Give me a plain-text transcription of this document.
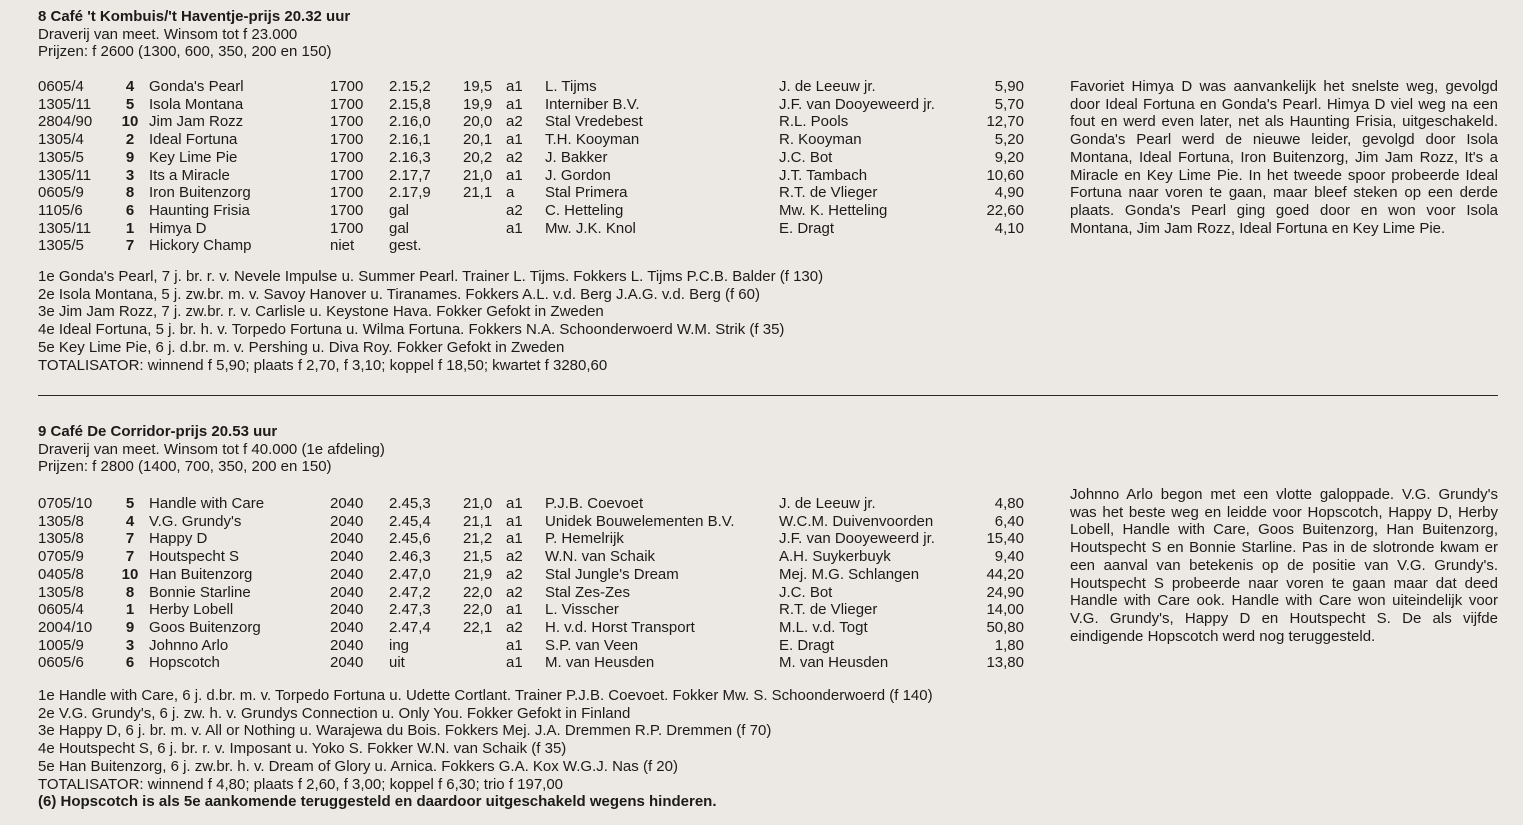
8 Café 't Kombuis/'t Haventje-prijs 20.32 uur
Draverij van meet. Winsom tot f 23.000
Prijzen: f 2600 (1300, 600, 350, 200 en 150)
0605/4	4 Gonda's Pearl	1700 2.15,2 19,5 a1 L. Tijms	J. de Leeuw jr.	5,90
1305/11	5 Isola Montana	1700 2.15,8 19,9 a1 Interniber B.V.	J.F. van Dooyeweerd jr.	5,70
2804/90 10 Jim Jam Rozz	1700 2.16,0 20,0 a2 Stal Vredebest	R.L. Pools	12,70
1305/4	2 Ideal Fortuna	1700 2.16,1 20,1 a1 T.H. Kooyman	R. Kooyman	5,20
1305/5	9 Key Lime Pie	1700 2.16,3 20,2 a2 J. Bakker	J.C. Bot	9,20
1305/11	3 Its a Miracle	1700 2.17,7 21,0 a1 J. Gordon	J.T. Tambach	10,60
0605/9	8 Iron Buitenzorg	1700 2.17,9 21,1 a Stal Primera	R.T. de Vlieger	4,90
1105/6	6 Haunting Frisia	1700 gal	a2 C. Hetteling	Mw. K. Hetteling	22,60
1305/11	1 Himya D	1700 gal	a1 Mw. J.K. Knol	E. Dragt	4,10
1305/5	7 Hickory Champ	niet gest.
Favoriet Himya D was aanvankelijk het snelste weg, gevolgd door Ideal Fortuna en Gonda's Pearl. Himya D viel weg na een fout en werd even later, net als Haunting Frisia, uitgeschakeld. Gonda's Pearl werd de nieuwe leider, gevolgd door Isola Montana, Ideal Fortuna, Iron Buitenzorg, Jim Jam Rozz, It's a Miracle en Key Lime Pie. In het tweede spoor probeerde Ideal Fortuna naar voren te gaan, maar bleef steken op een derde plaats. Gonda's Pearl ging goed door en won voor Isola Montana, Jim Jam Rozz, Ideal Fortuna en Key Lime Pie.
1e Gonda's Pearl, 7 j. br. r. v. Nevele Impulse u. Summer Pearl. Trainer L. Tijms. Fokkers L. Tijms P.C.B. Balder (f 130)
2e Isola Montana, 5 j. zw.br. m. v. Savoy Hanover u. Tiranames. Fokkers A.L. v.d. Berg J.A.G. v.d. Berg (f 60)
3e Jim Jam Rozz, 7 j. zw.br. r. v. Carlisle u. Keystone Hava. Fokker Gefokt in Zweden
4e Ideal Fortuna, 5 j. br. h. v. Torpedo Fortuna u. Wilma Fortuna. Fokkers N.A. Schoonderwoerd W.M. Strik (f 35)
5e Key Lime Pie, 6 j. d.br. m. v. Pershing u. Diva Roy. Fokker Gefokt in Zweden
TOTALISATOR: winnend f 5,90; plaats f 2,70, f 3,10; koppel f 18,50; kwartet f 3280,60
9 Café De Corridor-prijs 20.53 uur
Draverij van meet. Winsom tot f 40.000 (1e afdeling)
Prijzen: f 2800 (1400, 700, 350, 200 en 150)
0705/10	5 Handle with Care	2040 2.45,3 21,0 a1 P.J.B. Coevoet	J. de Leeuw jr.	4,80
1305/8	4 V.G. Grundy's	2040 2.45,4 21,1 a1 Unidek Bouwelementen B.V.	W.C.M. Duivenvoorden	6,40
1305/8	7 Happy D	2040 2.45,6 21,2 a1 P. Hemelrijk	J.F. van Dooyeweerd jr.	15,40
0705/9	7 Houtspecht S	2040 2.46,3 21,5 a2 W.N. van Schaik	A.H. Suykerbuyk	9,40
0405/8	10 Han Buitenzorg	2040 2.47,0 21,9 a2 Stal Jungle's Dream	Mej. M.G. Schlangen	44,20
1305/8	8 Bonnie Starline	2040 2.47,2 22,0 a2 Stal Zes-Zes	J.C. Bot	24,90
0605/4	1 Herby Lobell	2040 2.47,3 22,0 a1 L. Visscher	R.T. de Vlieger	14,00
2004/10	9 Goos Buitenzorg	2040 2.47,4 22,1 a2 H. v.d. Horst Transport	M.L. v.d. Togt	50,80
1005/9	3 Johnno Arlo	2040 ing	a1 S.P. van Veen	E. Dragt	1,80
0605/6	6 Hopscotch	2040 uit	a1 M. van Heusden	M. van Heusden	13,80
Johnno Arlo begon met een vlotte galoppade. V.G. Grundy's was het beste weg en leidde voor Hopscotch, Happy D, Herby Lobell, Handle with Care, Goos Buitenzorg, Han Buitenzorg, Houtspecht S en Bonnie Starline. Pas in de slotronde kwam er een aanval van betekenis op de positie van V.G. Grundy's. Houtspecht S probeerde naar voren te gaan maar dat deed Handle with Care ook. Handle with Care won uiteindelijk voor V.G. Grundy's, Happy D en Houtspecht S. De als vijfde eindigende Hopscotch werd nog teruggesteld.
1e Handle with Care, 6 j. d.br. m. v. Torpedo Fortuna u. Udette Cortlant. Trainer P.J.B. Coevoet. Fokker Mw. S. Schoonderwoerd (f 140)
2e V.G. Grundy's, 6 j. zw. h. v. Grundys Connection u. Only You. Fokker Gefokt in Finland
3e Happy D, 6 j. br. m. v. All or Nothing u. Warajewa du Bois. Fokkers Mej. J.A. Dremmen R.P. Dremmen (f 70)
4e Houtspecht S, 6 j. br. r. v. Imposant u. Yoko S. Fokker W.N. van Schaik (f 35)
5e Han Buitenzorg, 6 j. zw.br. h. v. Dream of Glory u. Arnica. Fokkers G.A. Kox W.G.J. Nas (f 20)
TOTALISATOR: winnend f 4,80; plaats f 2,60, f 3,00; koppel f 6,30; trio f 197,00
(6) Hopscotch is als 5e aankomende teruggesteld en daardoor uitgeschakeld wegens hinderen.
